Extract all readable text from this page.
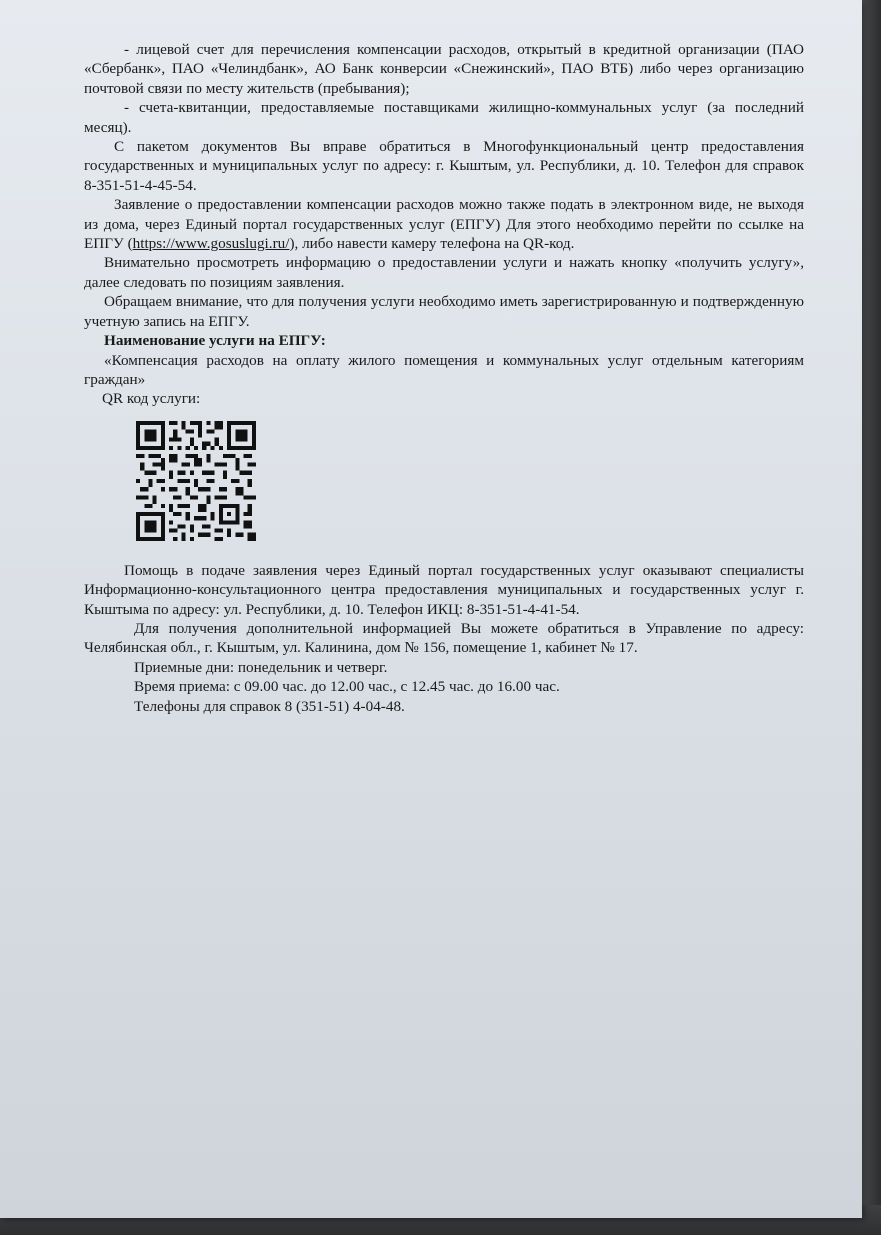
- лицевой счет для перечисления компенсации расходов, открытый в кредитной организации (ПАО «Сбербанк», ПАО «Челиндбанк», АО Банк конверсии «Снежинский», ПАО ВТБ) либо через организацию почтовой связи по месту жительств (пребывания);

- счета-квитанции, предоставляемые поставщиками жилищно-коммунальных услуг (за последний месяц).

С пакетом документов Вы вправе обратиться в Многофункциональный центр предоставления государственных и муниципальных услуг по адресу: г. Кыштым, ул. Республики, д. 10. Телефон для справок 8-351-51-4-45-54.

Заявление о предоставлении компенсации расходов можно также подать в электронном виде, не выходя из дома, через Единый портал государственных услуг (ЕПГУ) Для этого необходимо перейти по ссылке на ЕПГУ (https://www.gosuslugi.ru/), либо навести камеру телефона на QR-код.

Внимательно просмотреть информацию о предоставлении услуги и нажать кнопку «получить услугу», далее следовать по позициям заявления.

Обращаем внимание, что для получения услуги необходимо иметь зарегистрированную и подтвержденную учетную запись на ЕПГУ.

Наименование услуги на ЕПГУ:

«Компенсация расходов на оплату жилого помещения и коммунальных услуг отдельным категориям граждан»

QR код услуги:

Помощь в подаче заявления через Единый портал государственных услуг оказывают специалисты Информационно-консультационного центра предоставления муниципальных и государственных услуг г. Кыштыма по адресу: ул. Республики, д. 10. Телефон ИКЦ: 8-351-51-4-41-54.

Для получения дополнительной информацией Вы можете обратиться в Управление по адресу: Челябинская обл., г. Кыштым, ул. Калинина, дом № 156, помещение 1, кабинет № 17.

Приемные дни: понедельник и четверг.

Время приема: с 09.00 час. до 12.00 час., с 12.45 час. до 16.00 час.

Телефоны для справок 8 (351-51) 4-04-48.
